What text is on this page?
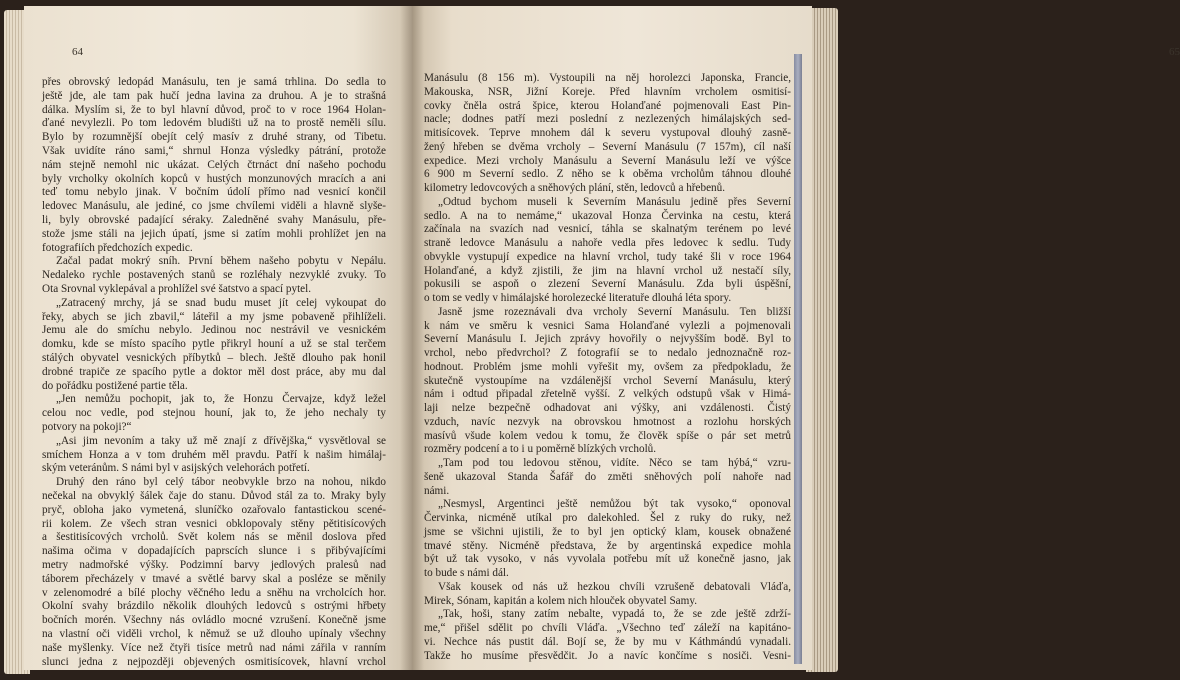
64
přes obrovský ledopád Manásulu, ten je samá trhlina. Do sedla to
ještě jde, ale tam pak hučí jedna lavina za druhou. A je to strašná
dálka. Myslím si, že to byl hlavní důvod, proč to v roce 1964 Holan-
ďané nevylezli. Po tom ledovém bludišti už na to prostě neměli sílu.
Bylo by rozumnější obejít celý masív z druhé strany, od Tibetu.
Však uvidíte ráno sami,“ shrnul Honza výsledky pátrání, protože
nám stejně nemohl nic ukázat. Celých čtrnáct dní našeho pochodu
byly vrcholky okolních kopců v hustých monzunových mracích a ani
teď tomu nebylo jinak. V bočním údolí přímo nad vesnicí končil
ledovec Manásulu, ale jediné, co jsme chvílemi viděli a hlavně slyše-
li, byly obrovské padající séraky. Zaledněné svahy Manásulu, pře-
stože jsme stáli na jejich úpatí, jsme si zatím mohli prohlížet jen na
fotografiích předchozích expedic.
Začal padat mokrý sníh. První během našeho pobytu v Nepálu.
Nedaleko rychle postavených stanů se rozléhaly nezvyklé zvuky. To
Ota Srovnal vyklepával a prohlížel své šatstvo a spací pytel.
„Zatracený mrchy, já se snad budu muset jít celej vykoupat do
řeky, abych se jich zbavil,“ láteřil a my jsme pobaveně přihlíželi.
Jemu ale do smíchu nebylo. Jedinou noc nestrávil ve vesnickém
domku, kde se místo spacího pytle přikryl houní a už se stal terčem
stálých obyvatel vesnických příbytků – blech. Ještě dlouho pak honil
drobné trapiče ze spacího pytle a doktor měl dost práce, aby mu dal
do pořádku postižené partie těla.
„Jen nemůžu pochopit, jak to, že Honzu Červajze, když ležel
celou noc vedle, pod stejnou houní, jak to, že jeho nechaly ty
potvory na pokoji?“
„Asi jim nevoním a taky už mě znají z dřívějška,“ vysvětloval se
smíchem Honza a v tom druhém měl pravdu. Patří k našim himálaj-
ským veteránům. S námi byl v asijských velehorách potřetí.
Druhý den ráno byl celý tábor neobvykle brzo na nohou, nikdo
nečekal na obvyklý šálek čaje do stanu. Důvod stál za to. Mraky byly
pryč, obloha jako vymetená, sluníčko ozařovalo fantastickou scené-
rii kolem. Ze všech stran vesnici obklopovaly stěny pětitisícových
a šestitisícových vrcholů. Svět kolem nás se měnil doslova před
našima očima v dopadajících paprscích slunce i s přibývajícími
metry nadmořské výšky. Podzimní barvy jedlových pralesů nad
táborem přecházely v tmavé a světlé barvy skal a posléze se měnily
v zelenomodré a bílé plochy věčného ledu a sněhu na vrcholcích hor.
Okolní svahy brázdilo několik dlouhých ledovců s ostrými hřbety
bočních morén. Všechny nás ovládlo mocné vzrušení. Konečně jsme
na vlastní oči viděli vrchol, k němuž se už dlouho upínaly všechny
naše myšlenky. Více než čtyři tisíce metrů nad námi zářila v ranním
slunci jedna z nejpozději objevených osmitisícovek, hlavní vrchol
65
Manásulu (8 156 m). Vystoupili na něj horolezci Japonska, Francie,
Makouska, NSR, Jižní Koreje. Před hlavním vrcholem osmitisí-
covky čněla ostrá špice, kterou Holanďané pojmenovali East Pin-
nacle; dodnes patří mezi poslední z nezlezených himálajských sed-
mitisícovek. Teprve mnohem dál k severu vystupoval dlouhý zasně-
žený hřeben se dvěma vrcholy – Severní Manásulu (7 157m), cíl naší
expedice. Mezi vrcholy Manásulu a Severní Manásulu leží ve výšce
6 900 m Severní sedlo. Z něho se k oběma vrcholům táhnou dlouhé
kilometry ledovcových a sněhových plání, stěn, ledovců a hřebenů.
„Odtud bychom museli k Severním Manásulu jedině přes Severní
sedlo. A na to nemáme,“ ukazoval Honza Červinka na cestu, která
začínala na svazích nad vesnicí, táhla se skalnatým terénem po levé
straně ledovce Manásulu a nahoře vedla přes ledovec k sedlu. Tudy
obvykle vystupují expedice na hlavní vrchol, tudy také šli v roce 1964
Holanďané, a když zjistili, že jim na hlavní vrchol už nestačí síly,
pokusili se aspoň o zlezení Severní Manásulu. Zda byli úspěšní,
o tom se vedly v himálajské horolezecké literatuře dlouhá léta spory.
Jasně jsme rozeznávali dva vrcholy Severní Manásulu. Ten bližší
k nám ve směru k vesnici Sama Holanďané vylezli a pojmenovali
Severní Manásulu I. Jejich zprávy hovořily o nejvyšším bodě. Byl to
vrchol, nebo předvrchol? Z fotografií se to nedalo jednoznačně roz-
hodnout. Problém jsme mohli vyřešit my, ovšem za předpokladu, že
skutečně vystoupíme na vzdálenější vrchol Severní Manásulu, který
nám i odtud připadal zřetelně vyšší. Z velkých odstupů však v Himá-
laji nelze bezpečně odhadovat ani výšky, ani vzdálenosti. Čistý
vzduch, navíc nezvyk na obrovskou hmotnost a rozlohu horských
masívů všude kolem vedou k tomu, že člověk spíše o pár set metrů
rozměry podcení a to i u poměrně blízkých vrcholů.
„Tam pod tou ledovou stěnou, vidíte. Něco se tam hýbá,“ vzru-
šeně ukazoval Standa Šafář do změti sněhových polí nahoře nad
námi.
„Nesmysl, Argentinci ještě nemůžou být tak vysoko,“ oponoval
Červinka, nicméně utíkal pro dalekohled. Šel z ruky do ruky, než
jsme se všichni ujistili, že to byl jen optický klam, kousek obnažené
tmavé stěny. Nicméně představa, že by argentinská expedice mohla
být už tak vysoko, v nás vyvolala potřebu mít už konečně jasno, jak
to bude s námi dál.
Však kousek od nás už hezkou chvíli vzrušeně debatovali Vláďa,
Mirek, Sónam, kapitán a kolem nich hlouček obyvatel Samy.
„Tak, hoši, stany zatím nebalte, vypadá to, že se zde ještě zdrží-
me,“ přišel sdělit po chvíli Vláďa. „Všechno teď záleží na kapitáno-
vi. Nechce nás pustit dál. Bojí se, že by mu v Káthmándú vynadali.
Takže ho musíme přesvědčit. Jo a navíc končíme s nosiči. Vesni-
